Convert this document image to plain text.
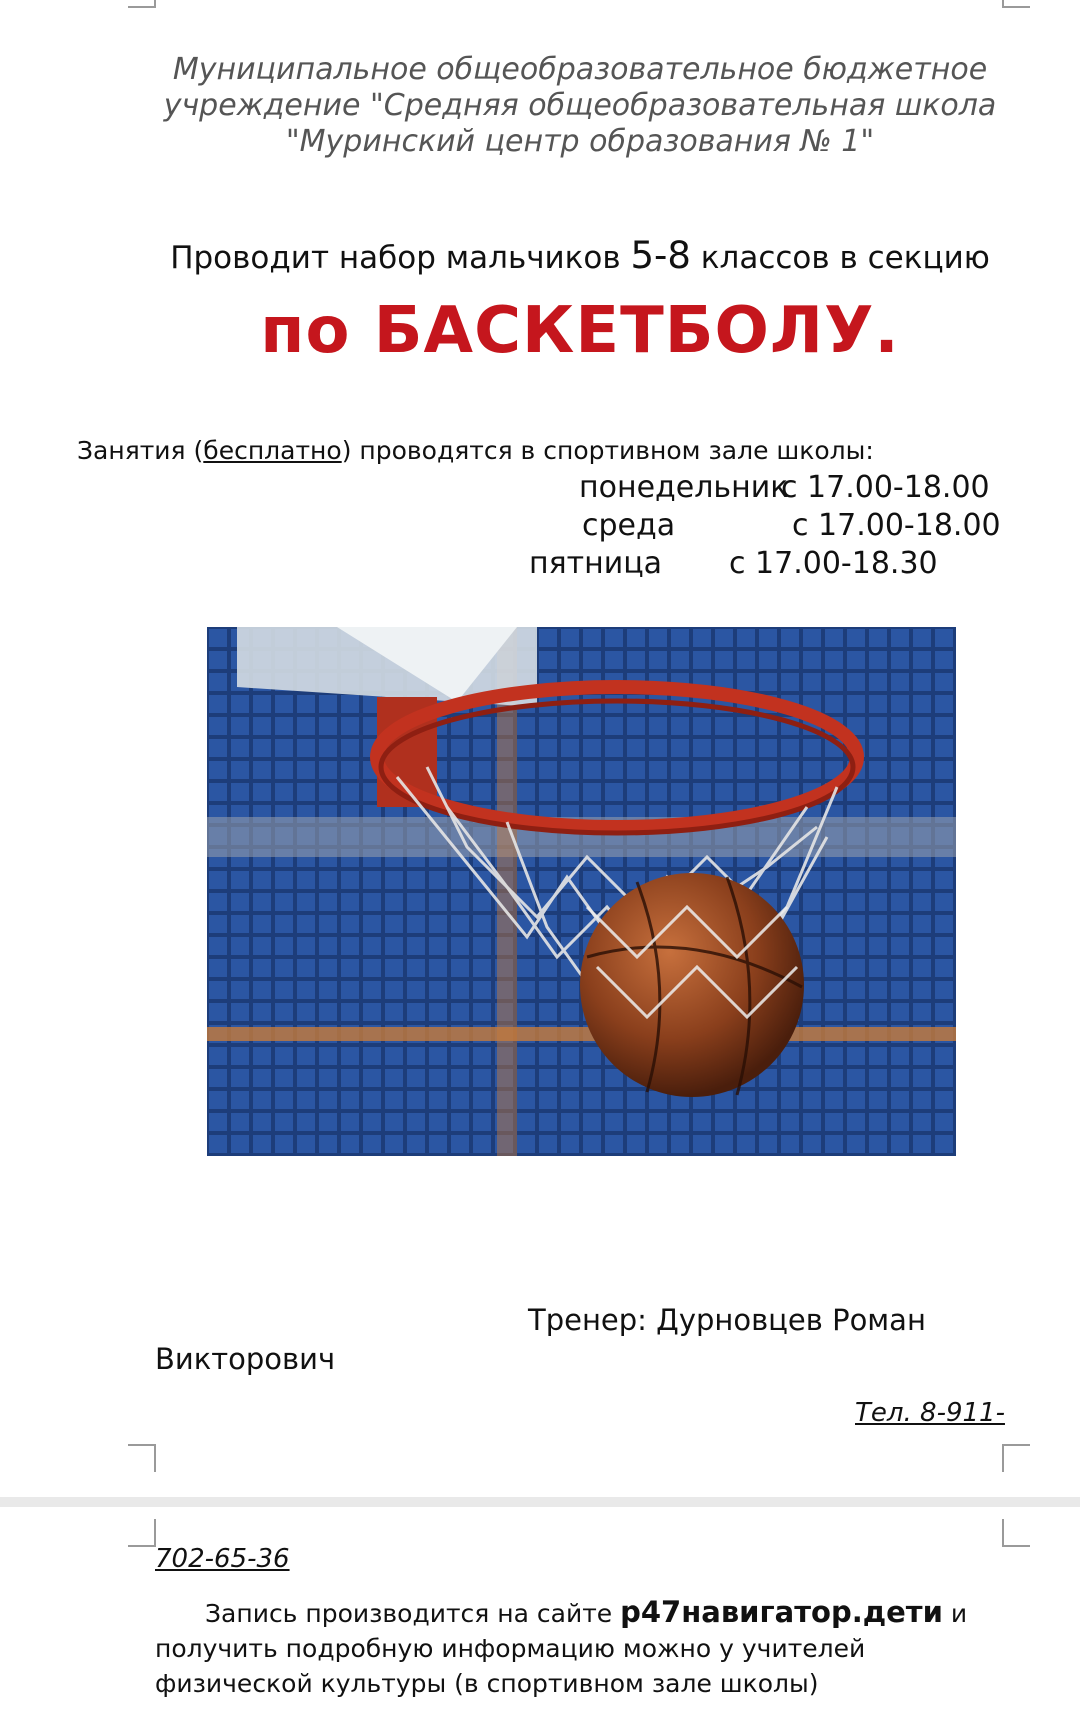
Муниципальное общеобразовательное бюджетное
учреждение "Средняя общеобразовательная школа
"Муринский центр образования № 1"
Проводит набор мальчиков 5-8 классов в секцию
по БАСКЕТБОЛУ.
Занятия (бесплатно) проводятся в спортивном зале школы:
понедельник
с 17.00-18.00
среда	с 17.00-18.00
пятница с 17.00-18.30
Тренер: Дурновцев Роман
Викторович
Тел. 8-911-
702-65-36
Запись производится на сайте р47навигатор.дети и получить подробную информацию можно у учителей физической культуры (в спортивном зале школы)
